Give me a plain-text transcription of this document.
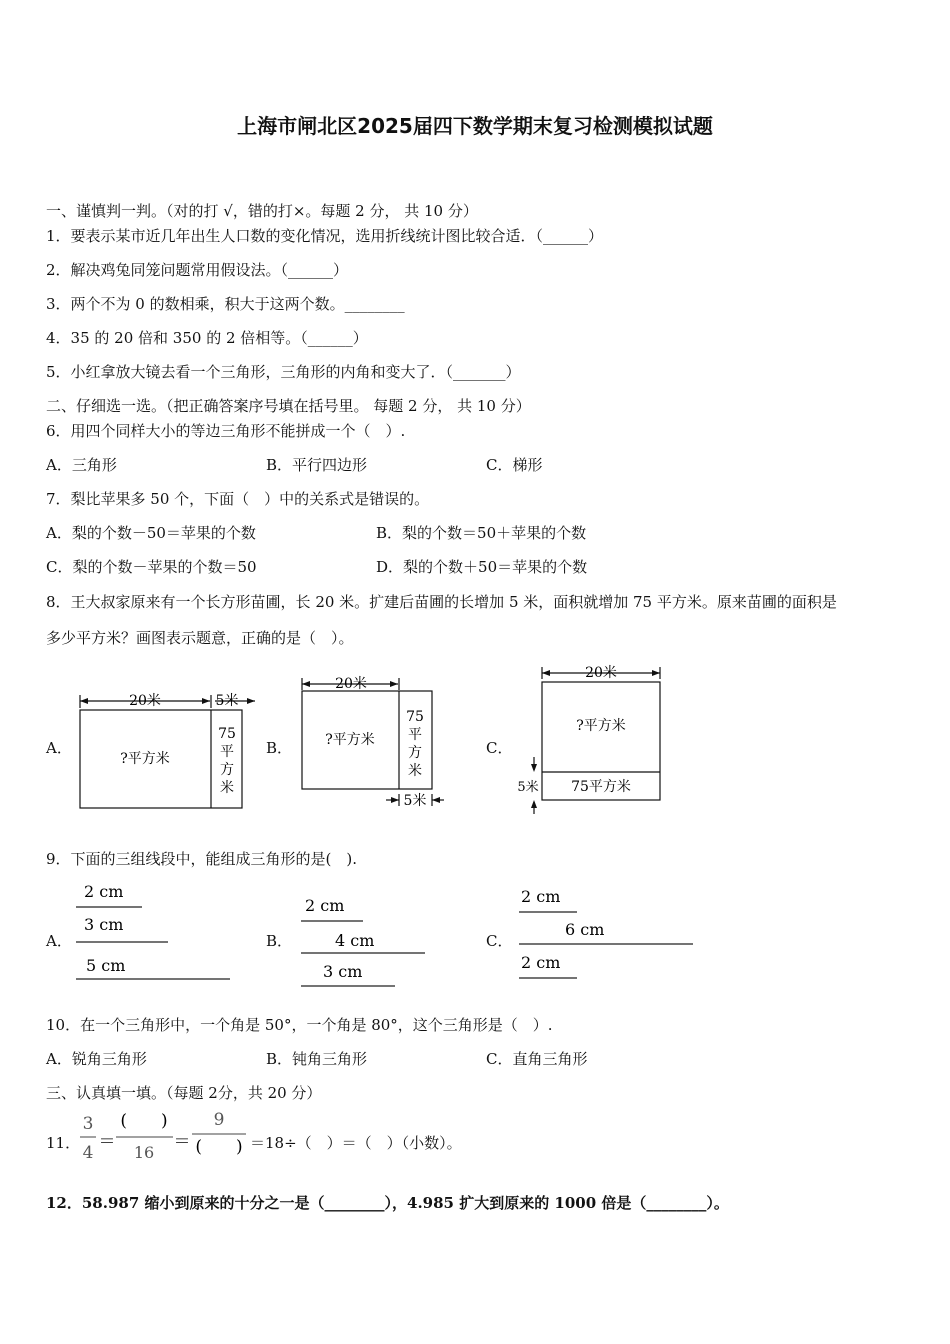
上海市闸北区2025届四下数学期末复习检测模拟试题
一、谨慎判一判。（对的打 √，错的打×。每题 2 分， 共 10 分）
1．要表示某市近几年出生人口数的变化情况，选用折线统计图比较合适．（______）
2．解决鸡兔同笼问题常用假设法。（______）
3．两个不为 0 的数相乘，积大于这两个数。________
4．35 的 20 倍和 350 的 2 倍相等。（______）
5．小红拿放大镜去看一个三角形，三角形的内角和变大了．（_______）
二、仔细选一选。（把正确答案序号填在括号里。 每题 2 分， 共 10 分）
6．用四个同样大小的等边三角形不能拼成一个（　）.
A．三角形	B．平行四边形	C．梯形
7．梨比苹果多 50 个，下面（　）中的关系式是错误的。
A．梨的个数－50＝苹果的个数	B．梨的个数＝50＋苹果的个数
C．梨的个数－苹果的个数＝50	D．梨的个数＋50＝苹果的个数
8．王大叔家原来有一个长方形苗圃，长 20 米。扩建后苗圃的长增加 5 米，面积就增加 75 平方米。原来苗圃的面积是
多少平方米？画图表示题意，正确的是（　）。
A．	B．	C．
20米	5米
?平方米
75
平
方
米
20米
?平方米
75
平
方
米
5米
20米
?平方米
75平方米
5米
9．下面的三组线段中，能组成三角形的是(　).
A．	B．	C．
2 cm
3 cm
5 cm
2 cm
4 cm
3 cm
2 cm
6 cm
2 cm
10．在一个三角形中，一个角是 50°，一个角是 80°，这个三角形是（　）.
A．锐角三角形	B．钝角三角形	C．直角三角形
三、认真填一填。（每题 2分，共 20 分）
11．
3
4
＝
(　　)
16
＝
9
(　　) ＝18÷（　）＝（　）（小数）。
12．58.987 缩小到原来的十分之一是（________），4.985 扩大到原来的 1000 倍是（________）。
